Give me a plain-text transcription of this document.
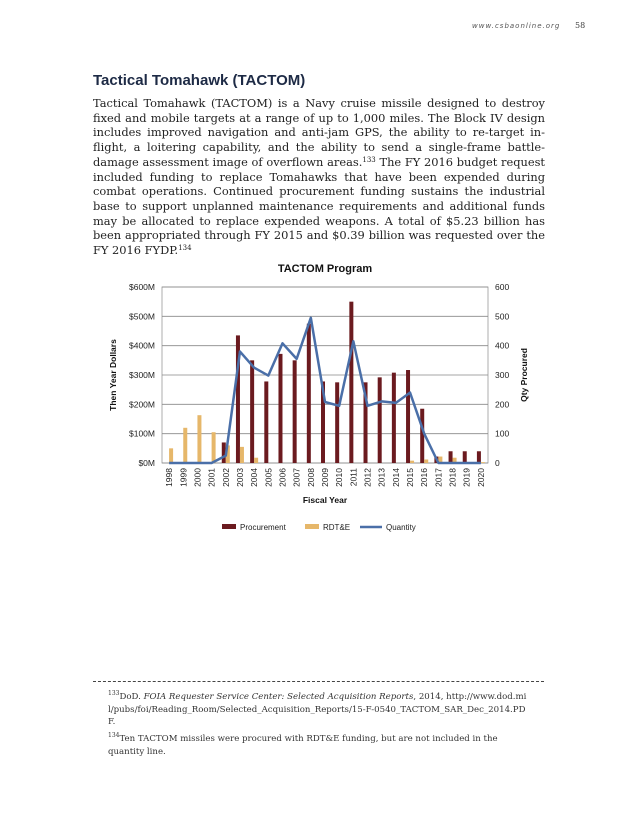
www.csbaonline.org 58
Tactical Tomahawk (TACTOM)

Tactical Tomahawk (TACTOM) is a Navy cruise missile designed to destroy fixed and mobile targets at a range of up to 1,000 miles. The Block IV design includes improved navigation and anti-jam GPS, the ability to re-target in-flight, a loitering capability, and the ability to send a single-frame battle-damage assessment image of overflown areas.$^{133}$ The FY 2016 budget request included funding to replace Tomahawks that have been expended during combat operations. Continued procurement funding sustains the industrial base to support unplanned maintenance requirements and additional funds may be allocated to replace expended weapons. A total of $5.23 billion has been appropriated through FY 2015 and $0.39 billion was requested over the FY 2016 FYDP.$^{134}$

TACTOM Program
$0M	0
$100M	100
$200M	200
$300M	300
$400M	400
$500M	500
$600M	600
1998 1999 2000 2001 2002 2003 2004 2005 2006 2007 2008 2009 2010 2011 2012 2013 2014 2015 2016 2017 2018 2019 2020
Fiscal Year
Then Year Dollars	Qty Procured
Procurement	RDT&E	Quantity
$^{133}$DoD. FOIA Requester Service Center: Selected Acquisition Reports, 2014, http://www.dod.mil/pubs/foi/Reading_Room/Selected_Acquisition_Reports/15-F-0540_TACTOM_SAR_Dec_2014.PDF.
$^{134}$Ten TACTOM missiles were procured with RDT&E funding, but are not included in the quantity line.
